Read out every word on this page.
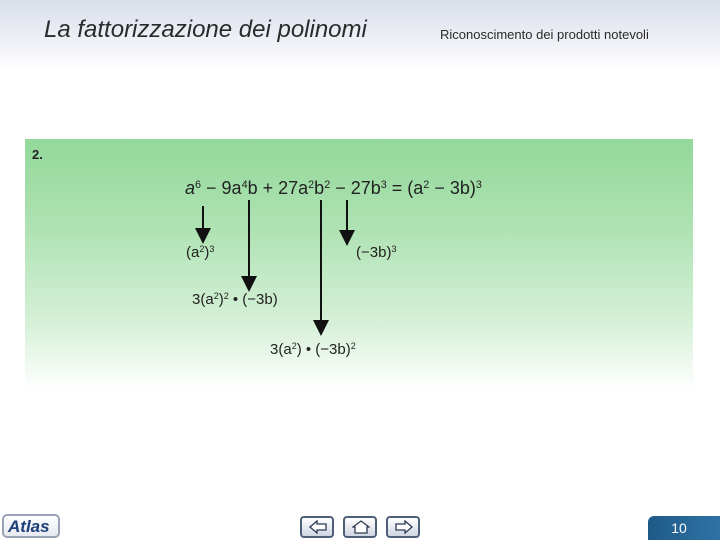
La fattorizzazione dei polinomi	Riconoscimento dei prodotti notevoli
2.
$a^6 - 9a^4b + 27a^2b^2 - 27b^3 = (a^2 - 3b)^3$
$(a^2)^3$	$(-3b)^3$
$3(a^2)^2$ • (−3b)
$3(a^2)$ • $(-3b)^2$
Atlas	10
